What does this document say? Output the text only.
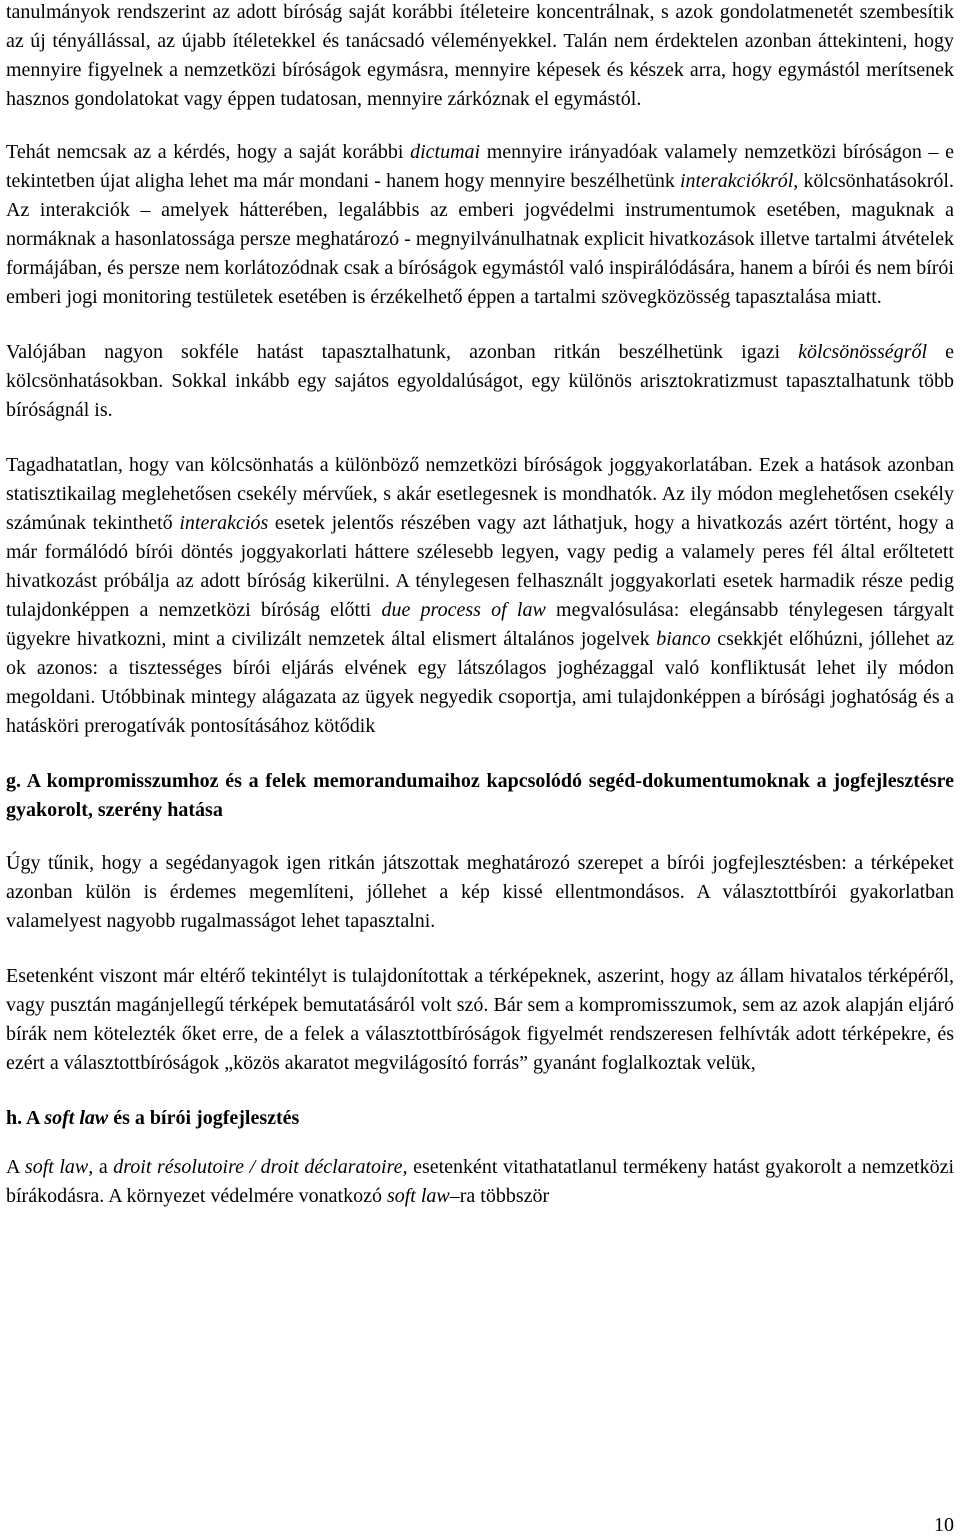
tanulmányok rendszerint az adott bíróság saját korábbi ítéleteire koncentrálnak, s azok gondolatmenetét szembesítik az új tényállással, az újabb ítéletekkel és tanácsadó véleményekkel. Talán nem érdektelen azonban áttekinteni, hogy mennyire figyelnek a nemzetközi bíróságok egymásra, mennyire képesek és készek arra, hogy egymástól merítsenek hasznos gondolatokat vagy éppen tudatosan, mennyire zárkóznak el egymástól.

Tehát nemcsak az a kérdés, hogy a saját korábbi dictumai mennyire irányadóak valamely nemzetközi bíróságon – e tekintetben újat aligha lehet ma már mondani - hanem hogy mennyire beszélhetünk interakciókról, kölcsönhatásokról. Az interakciók – amelyek hátterében, legalábbis az emberi jogvédelmi instrumentumok esetében, maguknak a normáknak a hasonlatossága persze meghatározó - megnyilvánulhatnak explicit hivatkozások illetve tartalmi átvételek formájában, és persze nem korlátozódnak csak a bíróságok egymástól való inspirálódására, hanem a bírói és nem bírói emberi jogi monitoring testületek esetében is érzékelhető éppen a tartalmi szövegközösség tapasztalása miatt.

Valójában nagyon sokféle hatást tapasztalhatunk, azonban ritkán beszélhetünk igazi kölcsönösségről e kölcsönhatásokban. Sokkal inkább egy sajátos egyoldalúságot, egy különös arisztokratizmust tapasztalhatunk több bíróságnál is.

Tagadhatatlan, hogy van kölcsönhatás a különböző nemzetközi bíróságok joggyakorlatában. Ezek a hatások azonban statisztikailag meglehetősen csekély mérvűek, s akár esetlegesnek is mondhatók. Az ily módon meglehetősen csekély számúnak tekinthető interakciós esetek jelentős részében vagy azt láthatjuk, hogy a hivatkozás azért történt, hogy a már formálódó bírói döntés joggyakorlati háttere szélesebb legyen, vagy pedig a valamely peres fél által erőltetett hivatkozást próbálja az adott bíróság kikerülni. A ténylegesen felhasznált joggyakorlati esetek harmadik része pedig tulajdonképpen a nemzetközi bíróság előtti due process of law megvalósulása: elegánsabb ténylegesen tárgyalt ügyekre hivatkozni, mint a civilizált nemzetek által elismert általános jogelvek bianco csekkjét előhúzni, jóllehet az ok azonos: a tisztességes bírói eljárás elvének egy látszólagos joghézaggal való konfliktusát lehet ily módon megoldani. Utóbbinak mintegy alágazata az ügyek negyedik csoportja, ami tulajdonképpen a bírósági joghatóság és a hatásköri prerogatívák pontosításához kötődik

g. A kompromisszumhoz és a felek memorandumaihoz kapcsolódó segéd-dokumentumoknak a jogfejlesztésre gyakorolt, szerény hatása

Úgy tűnik, hogy a segédanyagok igen ritkán játszottak meghatározó szerepet a bírói jogfejlesztésben: a térképeket azonban külön is érdemes megemlíteni, jóllehet a kép kissé ellentmondásos. A választottbírói gyakorlatban valamelyest nagyobb rugalmasságot lehet tapasztalni.

Esetenként viszont már eltérő tekintélyt is tulajdonítottak a térképeknek, aszerint, hogy az állam hivatalos térképéről, vagy pusztán magánjellegű térképek bemutatásáról volt szó. Bár sem a kompromisszumok, sem az azok alapján eljáró bírák nem kötelezték őket erre, de a felek a választottbíróságok figyelmét rendszeresen felhívták adott térképekre, és ezért a választottbíróságok „közös akaratot megvilágosító forrás” gyanánt foglalkoztak velük,

h. A soft law és a bírói jogfejlesztés

A soft law, a droit résolutoire / droit déclaratoire, esetenként vitathatatlanul termékeny hatást gyakorolt a nemzetközi bírákodásra. A környezet védelmére vonatkozó soft law–ra többször

10
